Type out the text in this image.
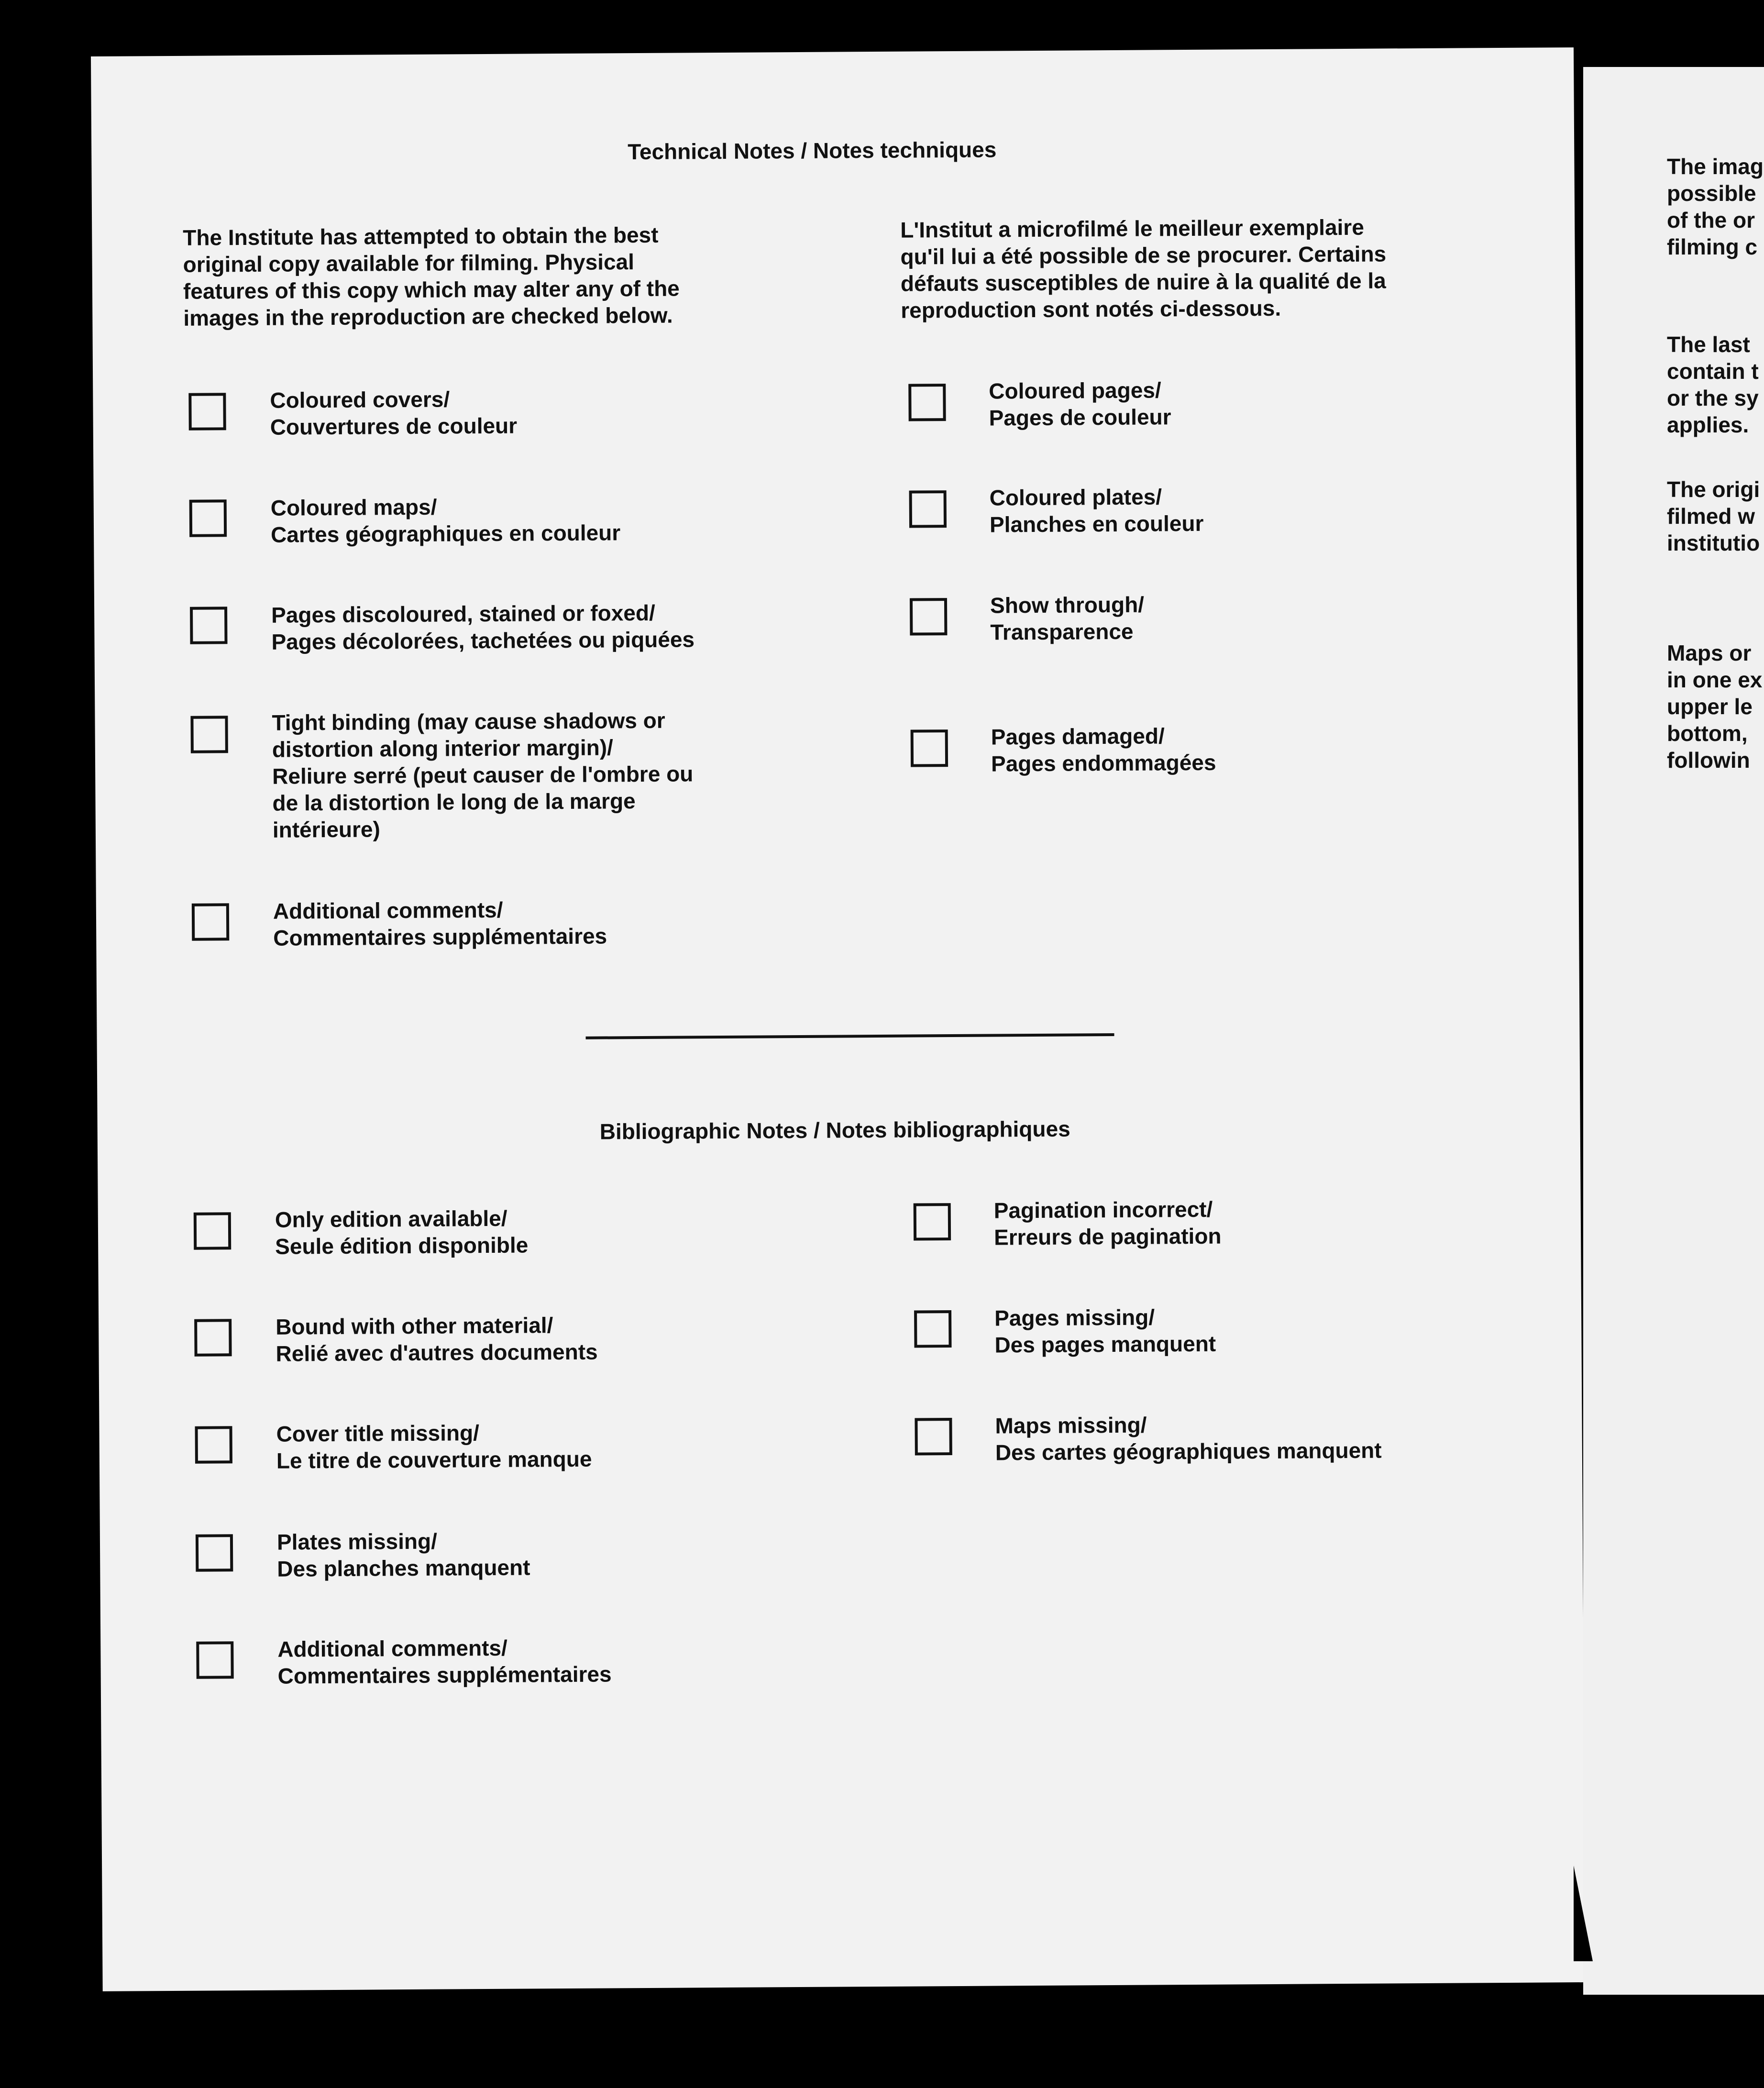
Technical Notes / Notes techniques
The Institute has attempted to obtain the best
original copy available for filming. Physical
features of this copy which may alter any of the
images in the reproduction are checked below.
L'Institut a microfilmé le meilleur exemplaire
qu'il lui a été possible de se procurer. Certains
défauts susceptibles de nuire à la qualité de la
reproduction sont notés ci-dessous.
Coloured covers/
Couvertures de couleur
Coloured maps/
Cartes géographiques en couleur
Pages discoloured, stained or foxed/
Pages décolorées, tachetées ou piquées
Tight binding (may cause shadows or
distortion along interior margin)/
Reliure serré (peut causer de l'ombre ou
de la distortion le long de la marge
intérieure)
Additional comments/
Commentaires supplémentaires
Coloured pages/
Pages de couleur
Coloured plates/
Planches en couleur
Show through/
Transparence
Pages damaged/
Pages endommagées
Bibliographic Notes / Notes bibliographiques
Only edition available/
Seule édition disponible
Bound with other material/
Relié avec d'autres documents
Cover title missing/
Le titre de couverture manque
Plates missing/
Des planches manquent
Additional comments/
Commentaires supplémentaires
Pagination incorrect/
Erreurs de pagination
Pages missing/
Des pages manquent
Maps missing/
Des cartes géographiques manquent
The imag
possible
of the or
filming c
The last
contain t
or the sy
applies.
The origi
filmed w
institutio
Maps or
in one ex
upper le
bottom,
followin
